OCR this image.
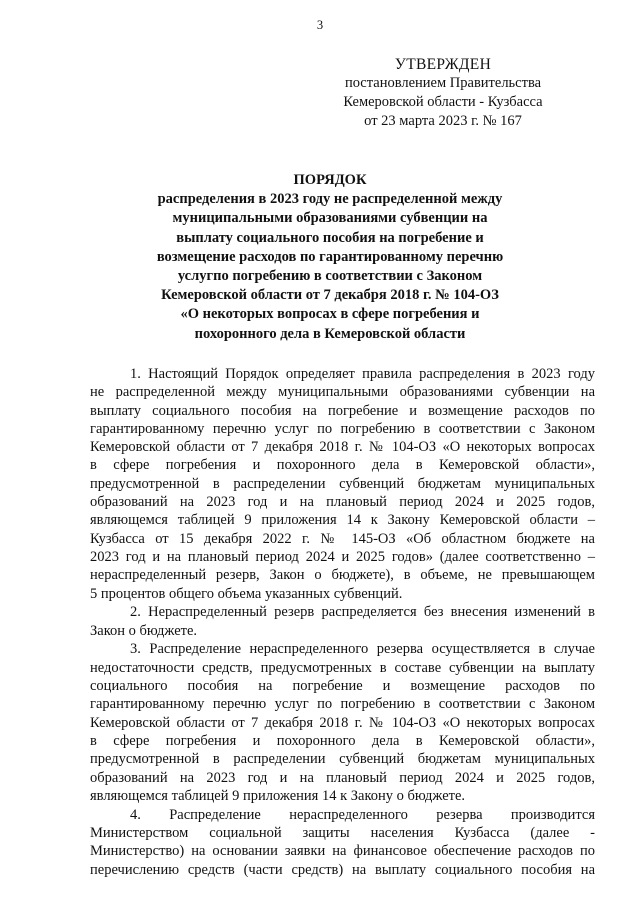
3
УТВЕРЖДЕН
постановлением Правительства
Кемеровской области - Кузбасса
от 23 марта 2023 г. № 167
ПОРЯДОК
распределения в 2023 году не распределенной между
муниципальными образованиями субвенции на
выплату социального пособия на погребение и
возмещение расходов по гарантированному перечню
услугпо погребению в соответствии с Законом
Кемеровской области от 7 декабря 2018 г. № 104-ОЗ
«О некоторых вопросах в сфере погребения и
похоронного дела в Кемеровской области
1. Настоящий Порядок определяет правила распределения в 2023 году
не распределенной между муниципальными образованиями субвенции на
выплату социального пособия на погребение и возмещение расходов по
гарантированному перечню услуг по погребению в соответствии с Законом
Кемеровской области от 7 декабря 2018 г. № 104-ОЗ «О некоторых вопросах
в сфере погребения и похоронного дела в Кемеровской области»,
предусмотренной в распределении субвенций бюджетам муниципальных
образований на 2023 год и на плановый период 2024 и 2025 годов,
являющемся таблицей 9 приложения 14 к Закону Кемеровской области –
Кузбасса от 15 декабря 2022 г. № 145-ОЗ «Об областном бюджете на
2023 год и на плановый период 2024 и 2025 годов» (далее соответственно –
нераспределенный резерв, Закон о бюджете), в объеме, не превышающем
5 процентов общего объема указанных субвенций.
2. Нераспределенный резерв распределяется без внесения изменений в
Закон о бюджете.
3. Распределение нераспределенного резерва осуществляется в случае
недостаточности средств, предусмотренных в составе субвенции на выплату
социального пособия на погребение и возмещение расходов по
гарантированному перечню услуг по погребению в соответствии с Законом
Кемеровской области от 7 декабря 2018 г. № 104-ОЗ «О некоторых вопросах
в сфере погребения и похоронного дела в Кемеровской области»,
предусмотренной в распределении субвенций бюджетам муниципальных
образований на 2023 год и на плановый период 2024 и 2025 годов,
являющемся таблицей 9 приложения 14 к Закону о бюджете.
4. Распределение нераспределенного резерва производится
Министерством социальной защиты населения Кузбасса (далее -
Министерство) на основании заявки на финансовое обеспечение расходов по
перечислению средств (части средств) на выплату социального пособия на
